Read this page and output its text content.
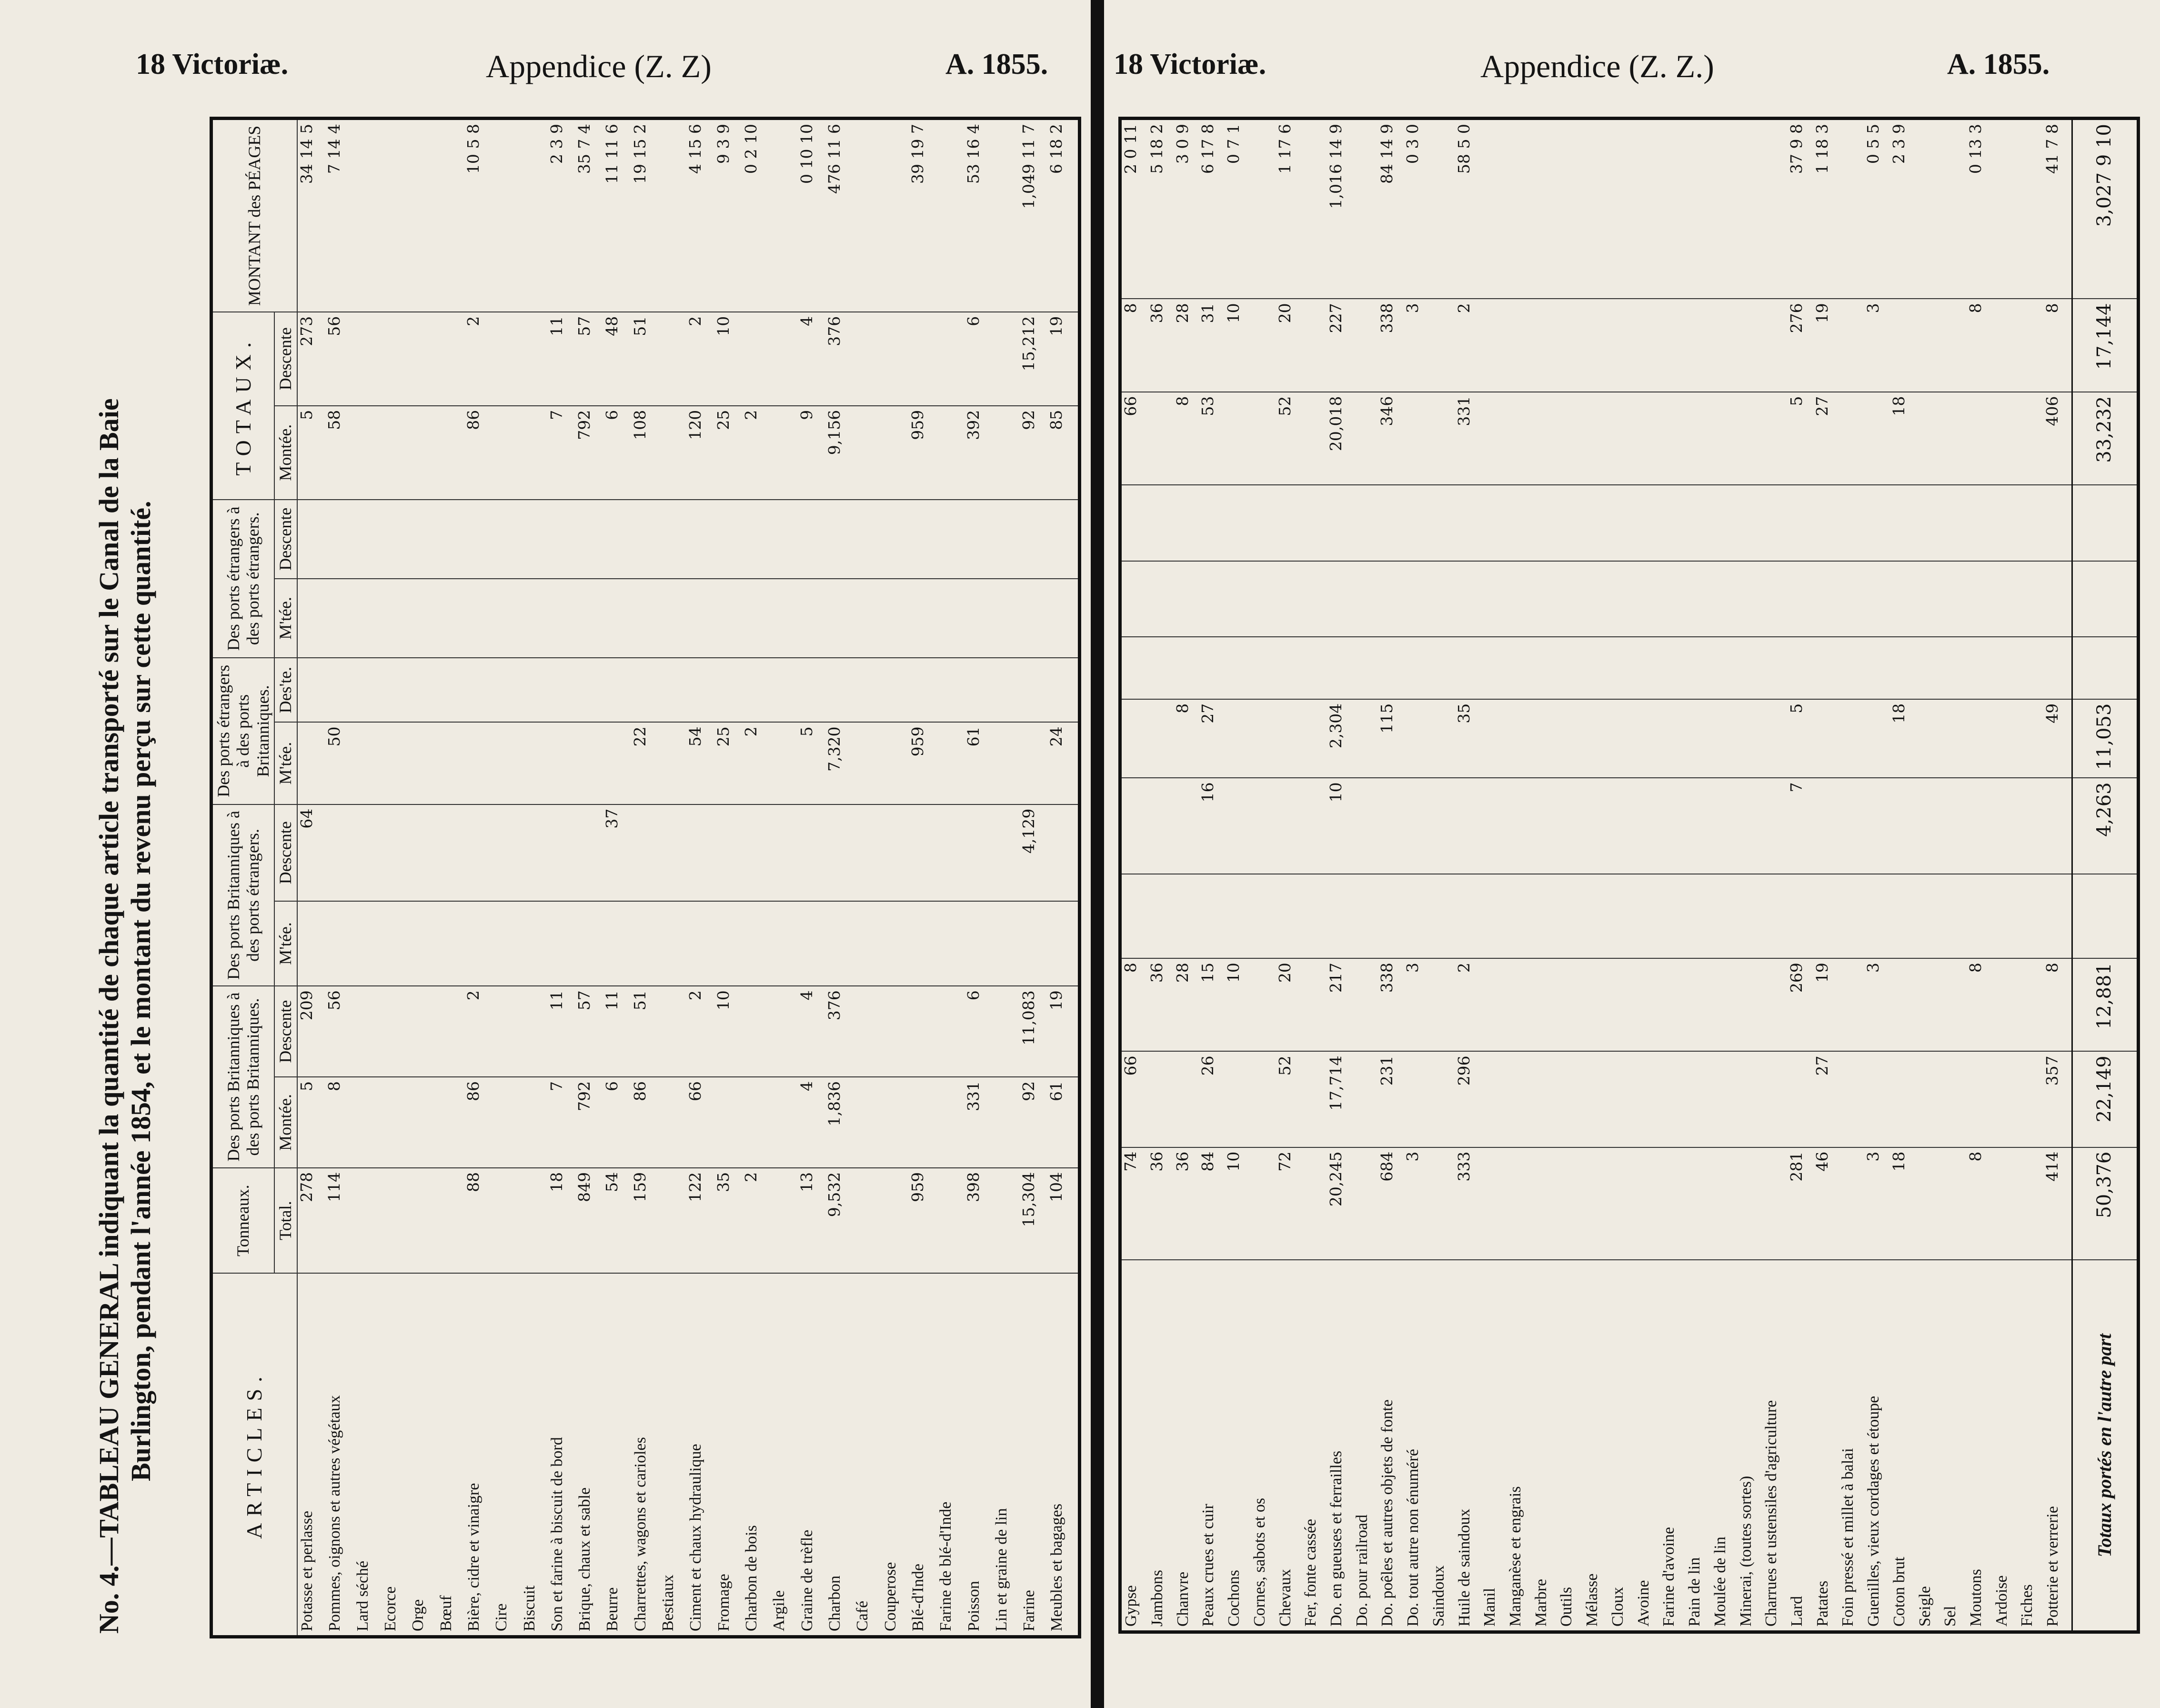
18 Victoriæ.	Appendice (Z. Z)	A. 1855.
No. 4.—TABLEAU GENERAL indiquant la quantité de chaque article transporté sur le Canal de la Baie Burlington, pendant l'année 1854, et le montant du revenu perçu sur cette quantité.	ARTICLES.	Tonneaux.	Des ports Britanniques à des ports Britanniques.		Des ports Britanniques à des ports étrangers.		Des ports étrangers à des ports Britanniques.		Des ports étrangers à des ports étrangers.		TOTAUX.		MONTANT des PÉAGES
	Total.	Montée.	Descente	M'tée.	Descente	M'tée.	Des'te.	M'tée.	Descente	Montée.	Descente	
Potasse et perlasse	278	5	209		64					5	273	34 14 5
Pommes, oignons et autres végétaux	114	8	56			50				58	56	7 14 4
Lard séché												
Ecorce												
Orge												
Bœuf												
Bière, cidre et vinaigre	88	86	2							86	2	10 5 8
Cire												
Biscuit												
Son et farine à biscuit de bord	18	7	11							7	11	2 3 9
Brique, chaux et sable	849	792	57							792	57	35 7 4
Beurre	54	6	11		37					6	48	11 11 6
Charrettes, wagons et carioles	159	86	51			22				108	51	19 15 2
Bestiaux												
Ciment et chaux hydraulique	122	66	2			54				120	2	4 15 6
Fromage	35		10			25				25	10	9 3 9
Charbon de bois	2					2				2		0 2 10
Argile												
Graine de trèfle	13	4	4			5				9	4	0 10 10
Charbon	9,532	1,836	376			7,320				9,156	376	476 11 6
Café												
Couperose												
Blé-d'Inde	959					959				959		39 19 7
Farine de blé-d'Inde												
Poisson	398	331	6			61				392	6	53 16 4
Lin et graine de lin												
Farine	15,304	92	11,083		4,129					92	15,212	1,049 11 7
Meubles et bagages	104	61	19			24				85	19	6 18 2

18 Victoriæ.	Appendice (Z. Z.)	A. 1855.
Gypse	74	66	8							66	8	2 0 11
Jambons	36		36								36	5 18 2
Chanvre	36		28			8				8	28	3 0 9
Peaux crues et cuir	84	26	15		16	27				53	31	6 17 8
Cochons	10		10								10	0 7 1
Cornes, sabots et os												
Chevaux	72	52	20							52	20	1 17 6
Fer, fonte cassée												
Do. en gueuses et ferrailles	20,245	17,714	217		10	2,304				20,018	227	1,016 14 9
Do. pour railroad												
Do. poêles et autres objets de fonte	684	231	338			115				346	338	84 14 9
Do. tout autre non énuméré	3		3								3	0 3 0
Saindoux												
Huile de saindoux	333	296	2			35				331	2	58 5 0
Manil												
Manganèse et engrais												
Marbre												
Outils												
Mélasse												
Cloux												
Avoine												
Farine d'avoine												
Pain de lin												
Moulée de lin												
Minerai, (toutes sortes)												
Charrues et ustensiles d'agriculture												
Lard	281		269		7	5				5	276	37 9 8
Patates	46	27	19							27	19	1 18 3
Foin pressé et millet à balai												
Guenilles, vieux cordages et étoupe	3		3								3	0 5 5
Coton brut	18					18				18		2 3 9
Seigle												
Sel												
Moutons	8		8								8	0 13 3
Ardoise												
Fiches												
Potterie et verrerie	414	357	8			49				406	8	41 7 8

Totaux portés en l'autre part	50,376	22,149	12,881		4,263	11,053				33,232	17,144	3,027 9 10
